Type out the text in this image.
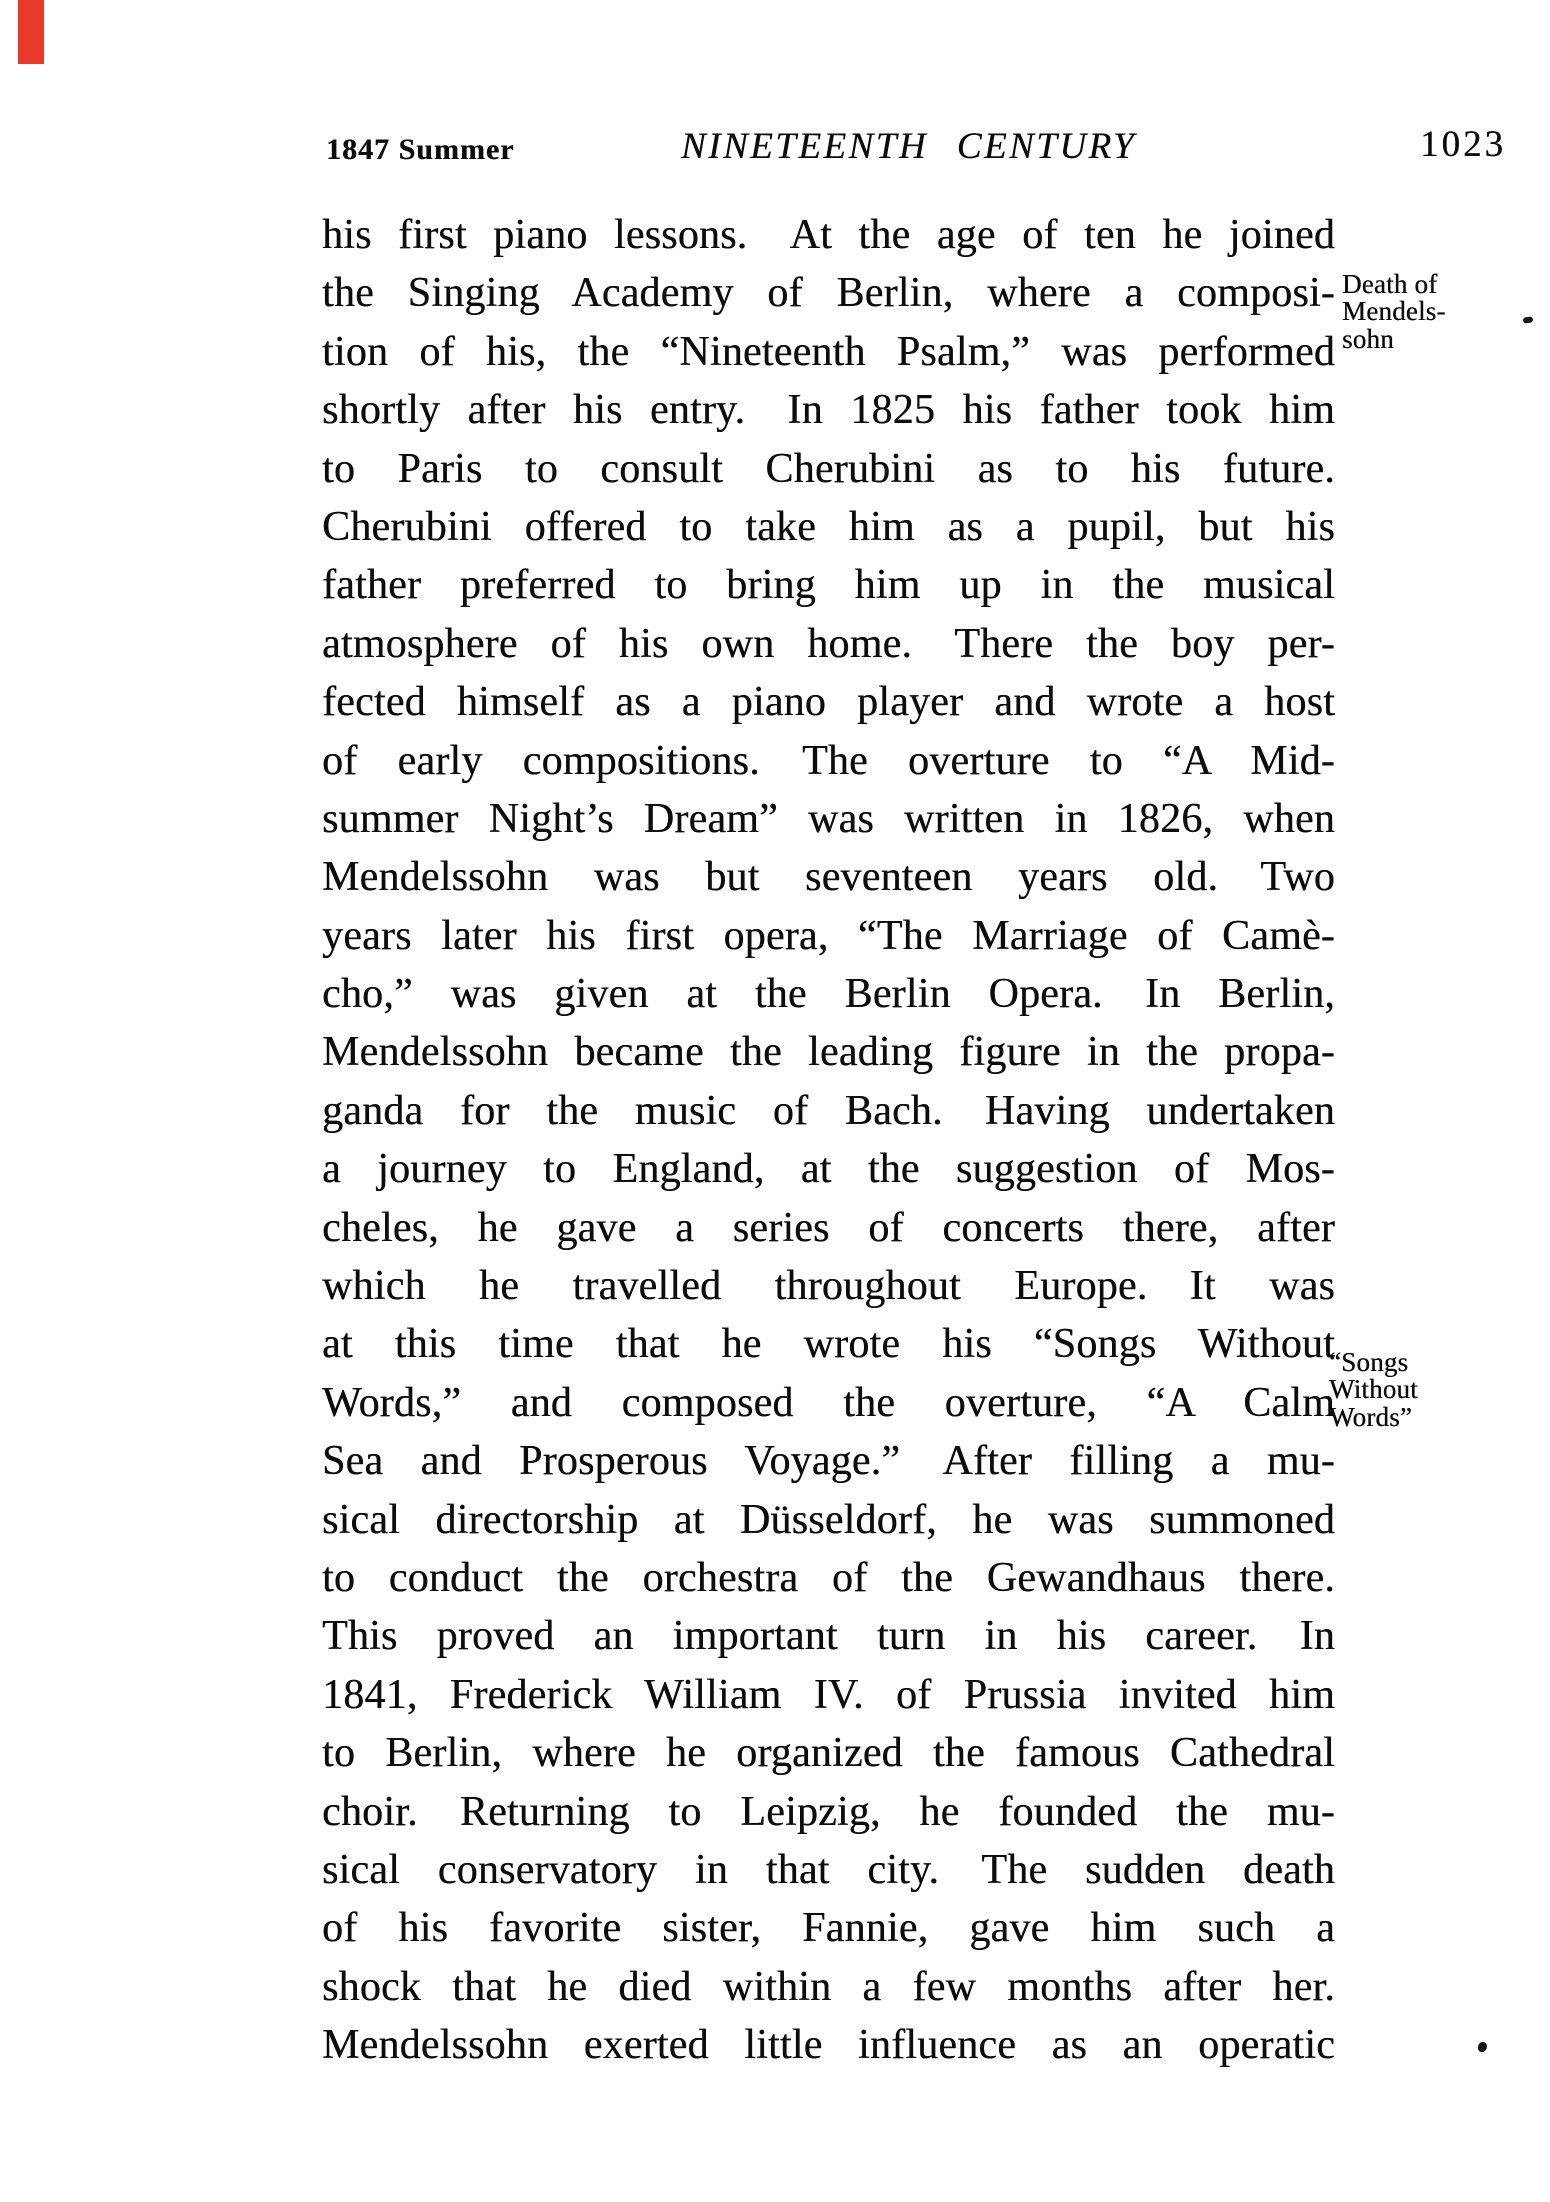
1847 Summer	NINETEENTH CENTURY	1023
his first piano lessons. At the age of ten he joined
the Singing Academy of Berlin, where a composi-
tion of his, the “Nineteenth Psalm,” was performed
shortly after his entry. In 1825 his father took him
to Paris to consult Cherubini as to his future.
Cherubini offered to take him as a pupil, but his
father preferred to bring him up in the musical
atmosphere of his own home. There the boy per-
fected himself as a piano player and wrote a host
of early compositions. The overture to “A Mid-
summer Night’s Dream” was written in 1826, when
Mendelssohn was but seventeen years old. Two
years later his first opera, “The Marriage of Camè-
cho,” was given at the Berlin Opera. In Berlin,
Mendelssohn became the leading figure in the propa-
ganda for the music of Bach. Having undertaken
a journey to England, at the suggestion of Mos-
cheles, he gave a series of concerts there, after
which he travelled throughout Europe. It was
at this time that he wrote his “Songs Without
Words,” and composed the overture, “A Calm
Sea and Prosperous Voyage.” After filling a mu-
sical directorship at Düsseldorf, he was summoned
to conduct the orchestra of the Gewandhaus there.
This proved an important turn in his career. In
1841, Frederick William IV. of Prussia invited him
to Berlin, where he organized the famous Cathedral
choir. Returning to Leipzig, he founded the mu-
sical conservatory in that city. The sudden death
of his favorite sister, Fannie, gave him such a
shock that he died within a few months after her.
Mendelssohn exerted little influence as an operatic
Death of
Mendels-
sohn
“Songs
Without
Words”
